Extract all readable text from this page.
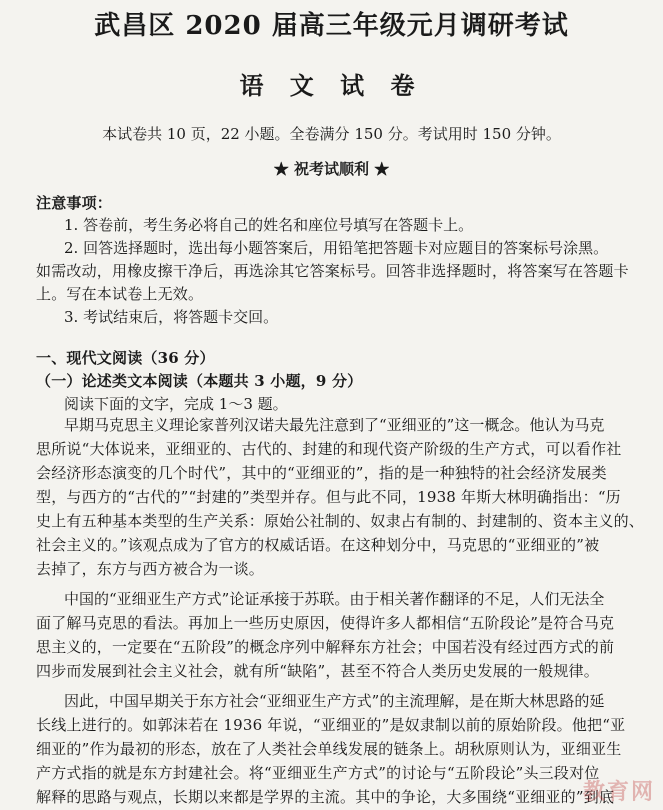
武昌区 2020 届高三年级元月调研考试
语 文 试 卷
本试卷共 10 页，22 小题。全卷满分 150 分。考试用时 150 分钟。
★ 祝考试顺利 ★
注意事项：
1. 答卷前，考生务必将自己的姓名和座位号填写在答题卡上。
2. 回答选择题时，选出每小题答案后，用铅笔把答题卡对应题目的答案标号涂黑。
如需改动，用橡皮擦干净后，再选涂其它答案标号。回答非选择题时，将答案写在答题卡
上。写在本试卷上无效。
3. 考试结束后，将答题卡交回。
一、现代文阅读（36 分）
（一）论述类文本阅读（本题共 3 小题，9 分）
阅读下面的文字，完成 1～3 题。
早期马克思主义理论家普列汉诺夫最先注意到了“亚细亚的”这一概念。他认为马克
思所说“大体说来，亚细亚的、古代的、封建的和现代资产阶级的生产方式，可以看作社
会经济形态演变的几个时代”，其中的“亚细亚的”，指的是一种独特的社会经济发展类
型，与西方的“古代的”“封建的”类型并存。但与此不同，1938 年斯大林明确指出：“历
史上有五种基本类型的生产关系：原始公社制的、奴隶占有制的、封建制的、资本主义的、
社会主义的。”该观点成为了官方的权威话语。在这种划分中，马克思的“亚细亚的”被
去掉了，东方与西方被合为一谈。
中国的“亚细亚生产方式”论证承接于苏联。由于相关著作翻译的不足，人们无法全
面了解马克思的看法。再加上一些历史原因，使得许多人都相信“五阶段论”是符合马克
思主义的，一定要在“五阶段”的概念序列中解释东方社会；中国若没有经过西方式的前
四步而发展到社会主义社会，就有所“缺陷”，甚至不符合人类历史发展的一般规律。
因此，中国早期关于东方社会“亚细亚生产方式”的主流理解，是在斯大林思路的延
长线上进行的。如郭沫若在 1936 年说，“亚细亚的”是奴隶制以前的原始阶段。他把“亚
细亚的”作为最初的形态，放在了人类社会单线发展的链条上。胡秋原则认为，亚细亚生
产方式指的就是东方封建社会。将“亚细亚生产方式”的讨论与“五阶段论”头三段对位
解释的思路与观点，长期以来都是学界的主流。其中的争论，大多围绕“亚细亚的”到底
教育网
